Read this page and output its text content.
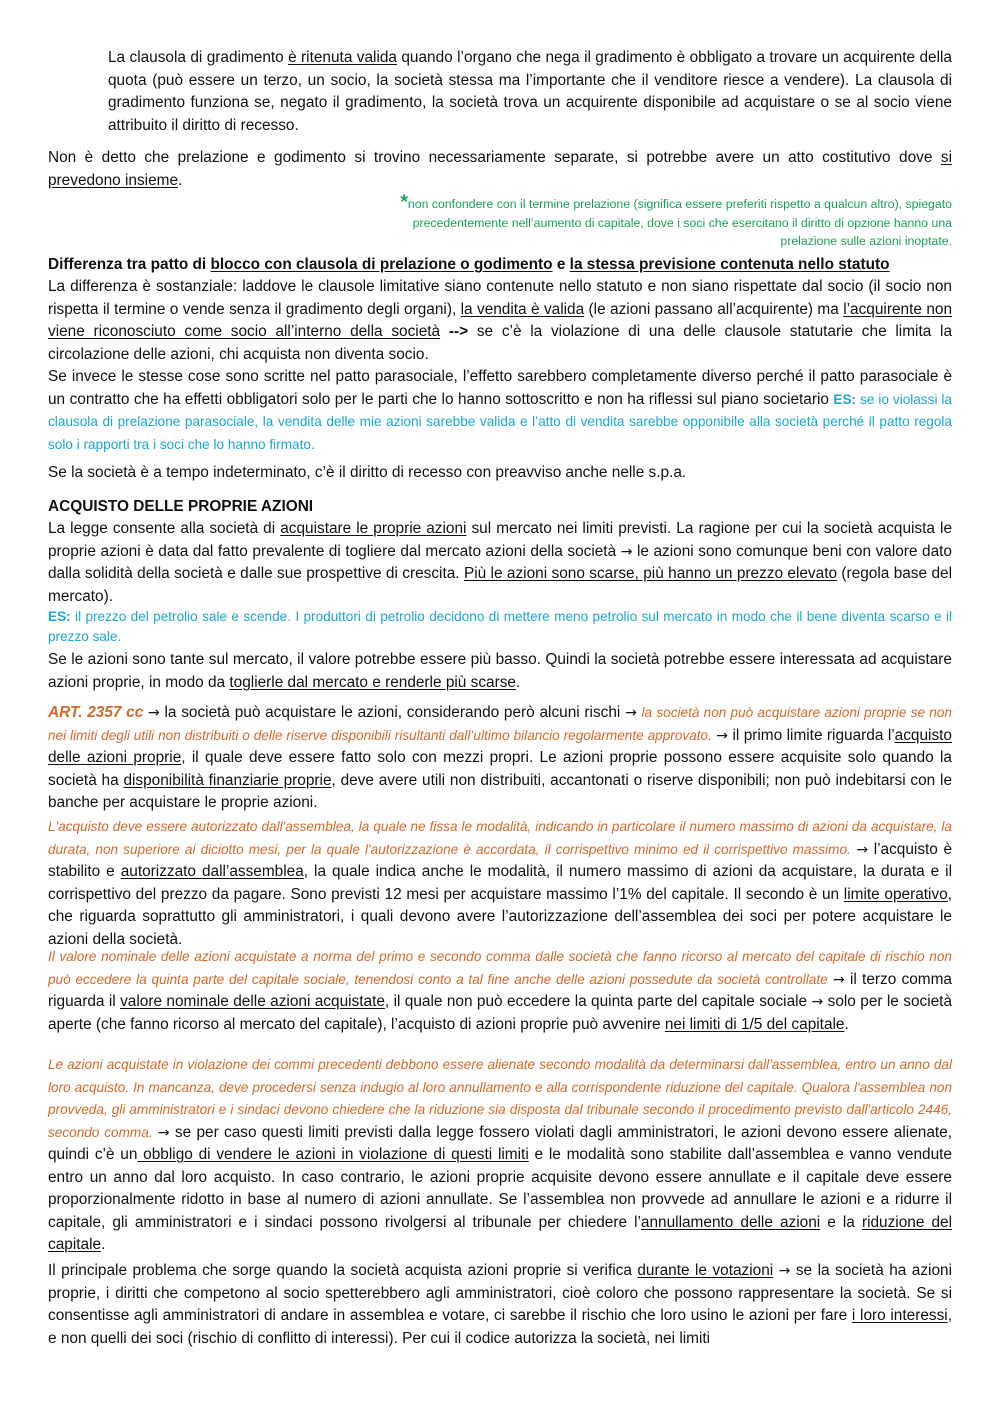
La clausola di gradimento è ritenuta valida quando l’organo che nega il gradimento è obbligato a trovare un acquirente della quota (può essere un terzo, un socio, la società stessa ma l’importante che il venditore riesce a vendere). La clausola di gradimento funziona se, negato il gradimento, la società trova un acquirente disponibile ad acquistare o se al socio viene attribuito il diritto di recesso.

Non è detto che prelazione e godimento si trovino necessariamente separate, si potrebbe avere un atto costitutivo dove si prevedono insieme.

*non confondere con il termine prelazione (significa essere preferiti rispetto a qualcun altro), spiegato precedentemente nell’aumento di capitale, dove i soci che esercitano il diritto di opzione hanno una prelazione sulle azioni inoptate.

Differenza tra patto di blocco con clausola di prelazione o godimento e la stessa previsione contenuta nello statuto

La differenza è sostanziale: laddove le clausole limitative siano contenute nello statuto e non siano rispettate dal socio (il socio non rispetta il termine o vende senza il gradimento degli organi), la vendita è valida (le azioni passano all’acquirente) ma l’acquirente non viene riconosciuto come socio all’interno della società --> se c’è la violazione di una delle clausole statutarie che limita la circolazione delle azioni, chi acquista non diventa socio.

Se invece le stesse cose sono scritte nel patto parasociale, l’effetto sarebbero completamente diverso perché il patto parasociale è un contratto che ha effetti obbligatori solo per le parti che lo hanno sottoscritto e non ha riflessi sul piano societario ES: se io violassi la clausola di prelazione parasociale, la vendita delle mie azioni sarebbe valida e l’atto di vendita sarebbe opponibile alla società perché il patto regola solo i rapporti tra i soci che lo hanno firmato.

Se la società è a tempo indeterminato, c’è il diritto di recesso con preavviso anche nelle s.p.a.

ACQUISTO DELLE PROPRIE AZIONI

La legge consente alla società di acquistare le proprie azioni sul mercato nei limiti previsti. La ragione per cui la società acquista le proprie azioni è data dal fatto prevalente di togliere dal mercato azioni della società → le azioni sono comunque beni con valore dato dalla solidità della società e dalle sue prospettive di crescita. Più le azioni sono scarse, più hanno un prezzo elevato (regola base del mercato).

ES: il prezzo del petrolio sale e scende. I produttori di petrolio decidono di mettere meno petrolio sul mercato in modo che il bene diventa scarso e il prezzo sale.

Se le azioni sono tante sul mercato, il valore potrebbe essere più basso. Quindi la società potrebbe essere interessata ad acquistare azioni proprie, in modo da toglierle dal mercato e renderle più scarse.

ART. 2357 cc → la società può acquistare le azioni, considerando però alcuni rischi → la società non può acquistare azioni proprie se non nei limiti degli utili non distribuiti o delle riserve disponibili risultanti dall’ultimo bilancio regolarmente approvato. → il primo limite riguarda l’acquisto delle azioni proprie, il quale deve essere fatto solo con mezzi propri. Le azioni proprie possono essere acquisite solo quando la società ha disponibilità finanziarie proprie, deve avere utili non distribuiti, accantonati o riserve disponibili; non può indebitarsi con le banche per acquistare le proprie azioni.

L'acquisto deve essere autorizzato dall'assemblea, la quale ne fissa le modalità, indicando in particolare il numero massimo di azioni da acquistare, la durata, non superiore ai diciotto mesi, per la quale l'autorizzazione è accordata, il corrispettivo minimo ed il corrispettivo massimo. → l’acquisto è stabilito e autorizzato dall’assemblea, la quale indica anche le modalità, il numero massimo di azioni da acquistare, la durata e il corrispettivo del prezzo da pagare. Sono previsti 12 mesi per acquistare massimo l’1% del capitale. Il secondo è un limite operativo, che riguarda soprattutto gli amministratori, i quali devono avere l’autorizzazione dell’assemblea dei soci per potere acquistare le azioni della società.

Il valore nominale delle azioni acquistate a norma del primo e secondo comma dalle società che fanno ricorso al mercato del capitale di rischio non può eccedere la quinta parte del capitale sociale, tenendosi conto a tal fine anche delle azioni possedute da società controllate → il terzo comma riguarda il valore nominale delle azioni acquistate, il quale non può eccedere la quinta parte del capitale sociale → solo per le società aperte (che fanno ricorso al mercato del capitale), l’acquisto di azioni proprie può avvenire nei limiti di 1/5 del capitale.

Le azioni acquistate in violazione dei commi precedenti debbono essere alienate secondo modalità da determinarsi dall'assemblea, entro un anno dal loro acquisto. In mancanza, deve procedersi senza indugio al loro annullamento e alla corrispondente riduzione del capitale. Qualora l'assemblea non provveda, gli amministratori e i sindaci devono chiedere che la riduzione sia disposta dal tribunale secondo il procedimento previsto dall'articolo 2446, secondo comma. → se per caso questi limiti previsti dalla legge fossero violati dagli amministratori, le azioni devono essere alienate, quindi c’è un obbligo di vendere le azioni in violazione di questi limiti e le modalità sono stabilite dall’assemblea e vanno vendute entro un anno dal loro acquisto. In caso contrario, le azioni proprie acquisite devono essere annullate e il capitale deve essere proporzionalmente ridotto in base al numero di azioni annullate. Se l’assemblea non provvede ad annullare le azioni e a ridurre il capitale, gli amministratori e i sindaci possono rivolgersi al tribunale per chiedere l’annullamento delle azioni e la riduzione del capitale.

Il principale problema che sorge quando la società acquista azioni proprie si verifica durante le votazioni → se la società ha azioni proprie, i diritti che competono al socio spetterebbero agli amministratori, cioè coloro che possono rappresentare la società. Se si consentisse agli amministratori di andare in assemblea e votare, ci sarebbe il rischio che loro usino le azioni per fare i loro interessi, e non quelli dei soci (rischio di conflitto di interessi). Per cui il codice autorizza la società, nei limiti
